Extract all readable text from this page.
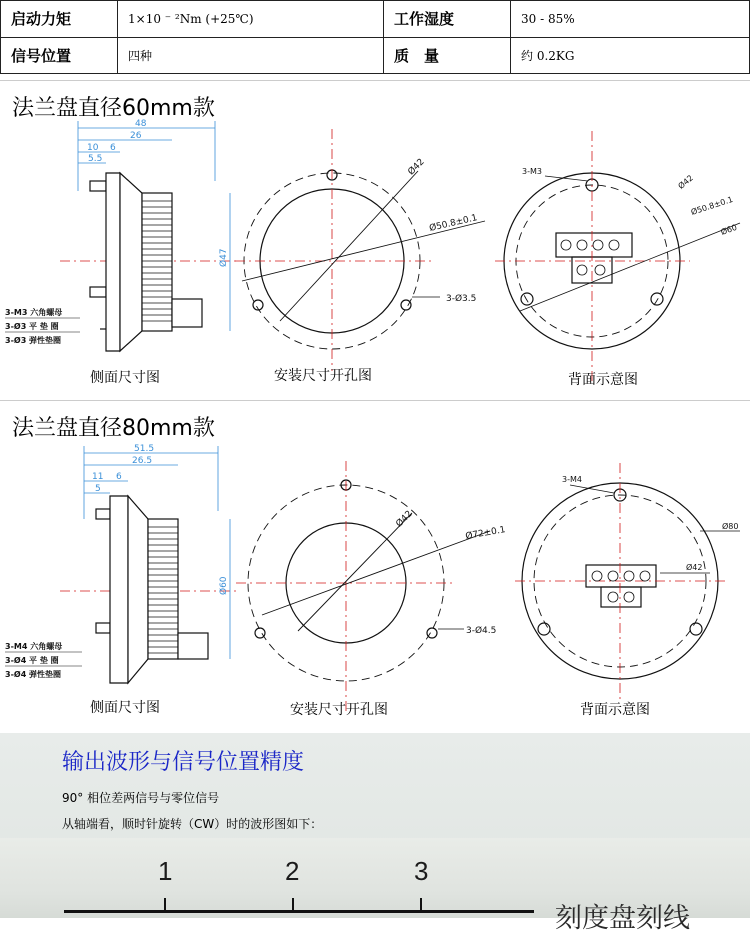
启动力矩	1×10 ⁻ ²Nm (+25℃)	工作湿度	30 - 85%
信号位置	四种	质　量	约 0.2KG
法兰盘直径60mm款
48
26
10 6
5.5
Ø47
3-M3 六角螺母
3-Ø3 平 垫 圈
3-Ø3 弹性垫圈
Ø42
Ø50.8±0.1
3-Ø3.5
3-M3
Ø42
Ø50.8±0.1
Ø60
侧面尺寸图	安装尺寸开孔图	背面示意图
法兰盘直径80mm款
51.5
26.5
11 6
5
Ø60
3-M4 六角螺母
3-Ø4 平 垫 圈
3-Ø4 弹性垫圈
Ø42
Ø72±0.1
3-Ø4.5
3-M4
Ø42
Ø80
侧面尺寸图	安装尺寸开孔图	背面示意图
输出波形与信号位置精度
90° 相位差两信号与零位信号
从轴端看，顺时针旋转（CW）时的波形图如下：
1	2	3
刻度盘刻线
